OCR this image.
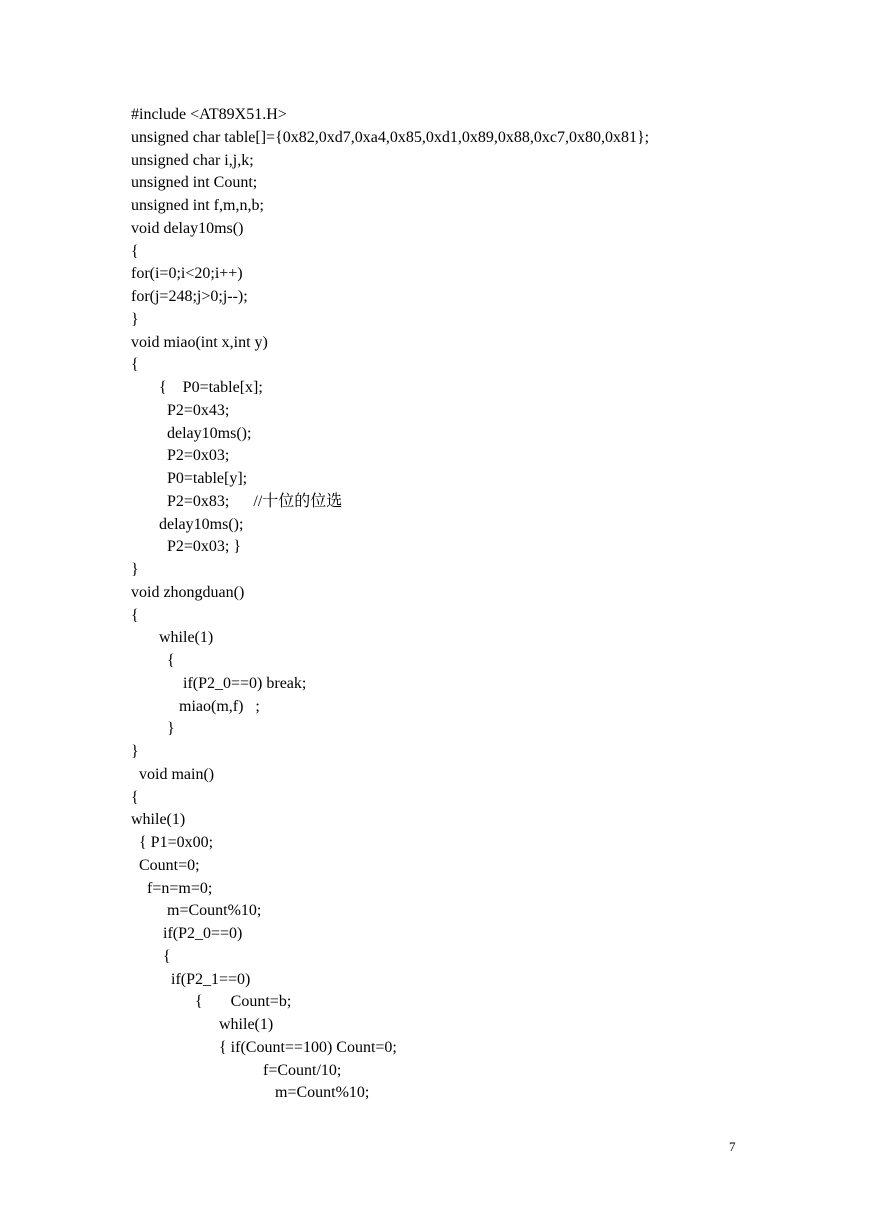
#include <AT89X51.H>
unsigned char table[]={0x82,0xd7,0xa4,0x85,0xd1,0x89,0x88,0xc7,0x80,0x81};
unsigned char i,j,k;
unsigned int Count;
unsigned int f,m,n,b;
void delay10ms()
{
for(i=0;i<20;i++)
for(j=248;j>0;j--);
}
void miao(int x,int y)
{
{    P0=table[x];
P2=0x43;
delay10ms();
P2=0x03;
P0=table[y];
P2=0x83;      //十位的位选
delay10ms();
P2=0x03; }
}
void zhongduan()
{
while(1)
{
if(P2_0==0) break;
miao(m,f)   ;
}
}
void main()
{
while(1)
{ P1=0x00;
Count=0;
f=n=m=0;
m=Count%10;
if(P2_0==0)
{
if(P2_1==0)
{       Count=b;
while(1)
{ if(Count==100) Count=0;
f=Count/10;
m=Count%10;
7
